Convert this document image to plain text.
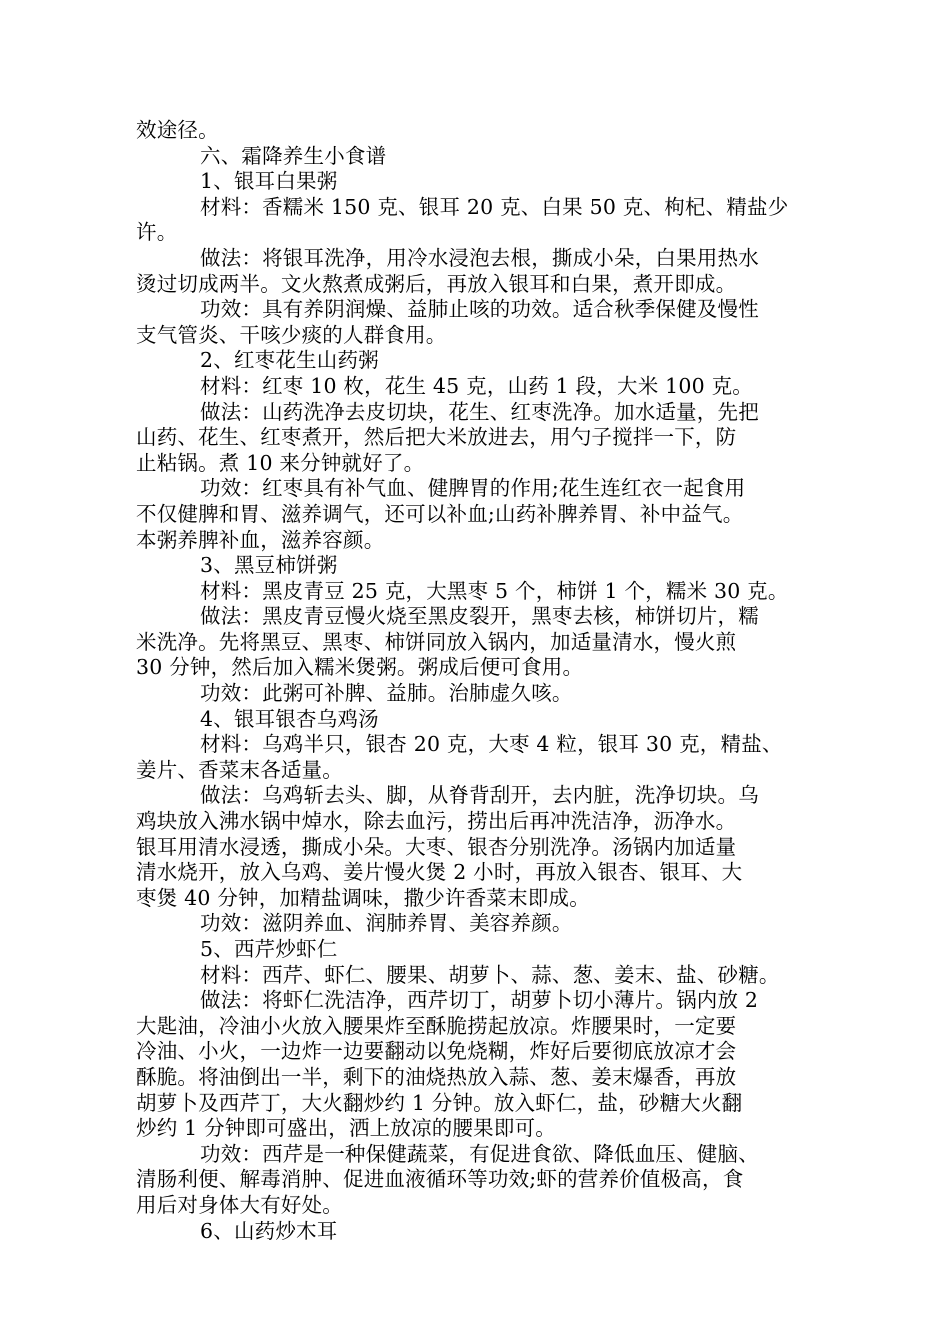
效途径。
六、霜降养生小食谱
1、银耳白果粥
材料：香糯米 150 克、银耳 20 克、白果 50 克、枸杞、精盐少
许。
做法：将银耳洗净，用冷水浸泡去根，撕成小朵，白果用热水
烫过切成两半。文火熬煮成粥后，再放入银耳和白果，煮开即成。
功效：具有养阴润燥、益肺止咳的功效。适合秋季保健及慢性
支气管炎、干咳少痰的人群食用。
2、红枣花生山药粥
材料：红枣 10 枚，花生 45 克，山药 1 段，大米 100 克。
做法：山药洗净去皮切块，花生、红枣洗净。加水适量，先把
山药、花生、红枣煮开，然后把大米放进去，用勺子搅拌一下，防
止粘锅。煮 10 来分钟就好了。
功效：红枣具有补气血、健脾胃的作用;花生连红衣一起食用
不仅健脾和胃、滋养调气，还可以补血;山药补脾养胃、补中益气。
本粥养脾补血，滋养容颜。
3、黑豆柿饼粥
材料：黑皮青豆 25 克，大黑枣 5 个，柿饼 1 个，糯米 30 克。
做法：黑皮青豆慢火烧至黑皮裂开，黑枣去核，柿饼切片，糯
米洗净。先将黑豆、黑枣、柿饼同放入锅内，加适量清水，慢火煎
30 分钟，然后加入糯米煲粥。粥成后便可食用。
功效：此粥可补脾、益肺。治肺虚久咳。
4、银耳银杏乌鸡汤
材料：乌鸡半只，银杏 20 克，大枣 4 粒，银耳 30 克，精盐、
姜片、香菜末各适量。
做法：乌鸡斩去头、脚，从脊背刮开，去内脏，洗净切块。乌
鸡块放入沸水锅中焯水，除去血污，捞出后再冲洗洁净，沥净水。
银耳用清水浸透，撕成小朵。大枣、银杏分别洗净。汤锅内加适量
清水烧开，放入乌鸡、姜片慢火煲 2 小时，再放入银杏、银耳、大
枣煲 40 分钟，加精盐调味，撒少许香菜末即成。
功效：滋阴养血、润肺养胃、美容养颜。
5、西芹炒虾仁
材料：西芹、虾仁、腰果、胡萝卜、蒜、葱、姜末、盐、砂糖。
做法：将虾仁洗洁净，西芹切丁，胡萝卜切小薄片。锅内放 2
大匙油，冷油小火放入腰果炸至酥脆捞起放凉。炸腰果时，一定要
冷油、小火，一边炸一边要翻动以免烧糊，炸好后要彻底放凉才会
酥脆。将油倒出一半，剩下的油烧热放入蒜、葱、姜末爆香，再放
胡萝卜及西芹丁，大火翻炒约 1 分钟。放入虾仁，盐，砂糖大火翻
炒约 1 分钟即可盛出，洒上放凉的腰果即可。
功效：西芹是一种保健蔬菜，有促进食欲、降低血压、健脑、
清肠利便、解毒消肿、促进血液循环等功效;虾的营养价值极高，食
用后对身体大有好处。
6、山药炒木耳
